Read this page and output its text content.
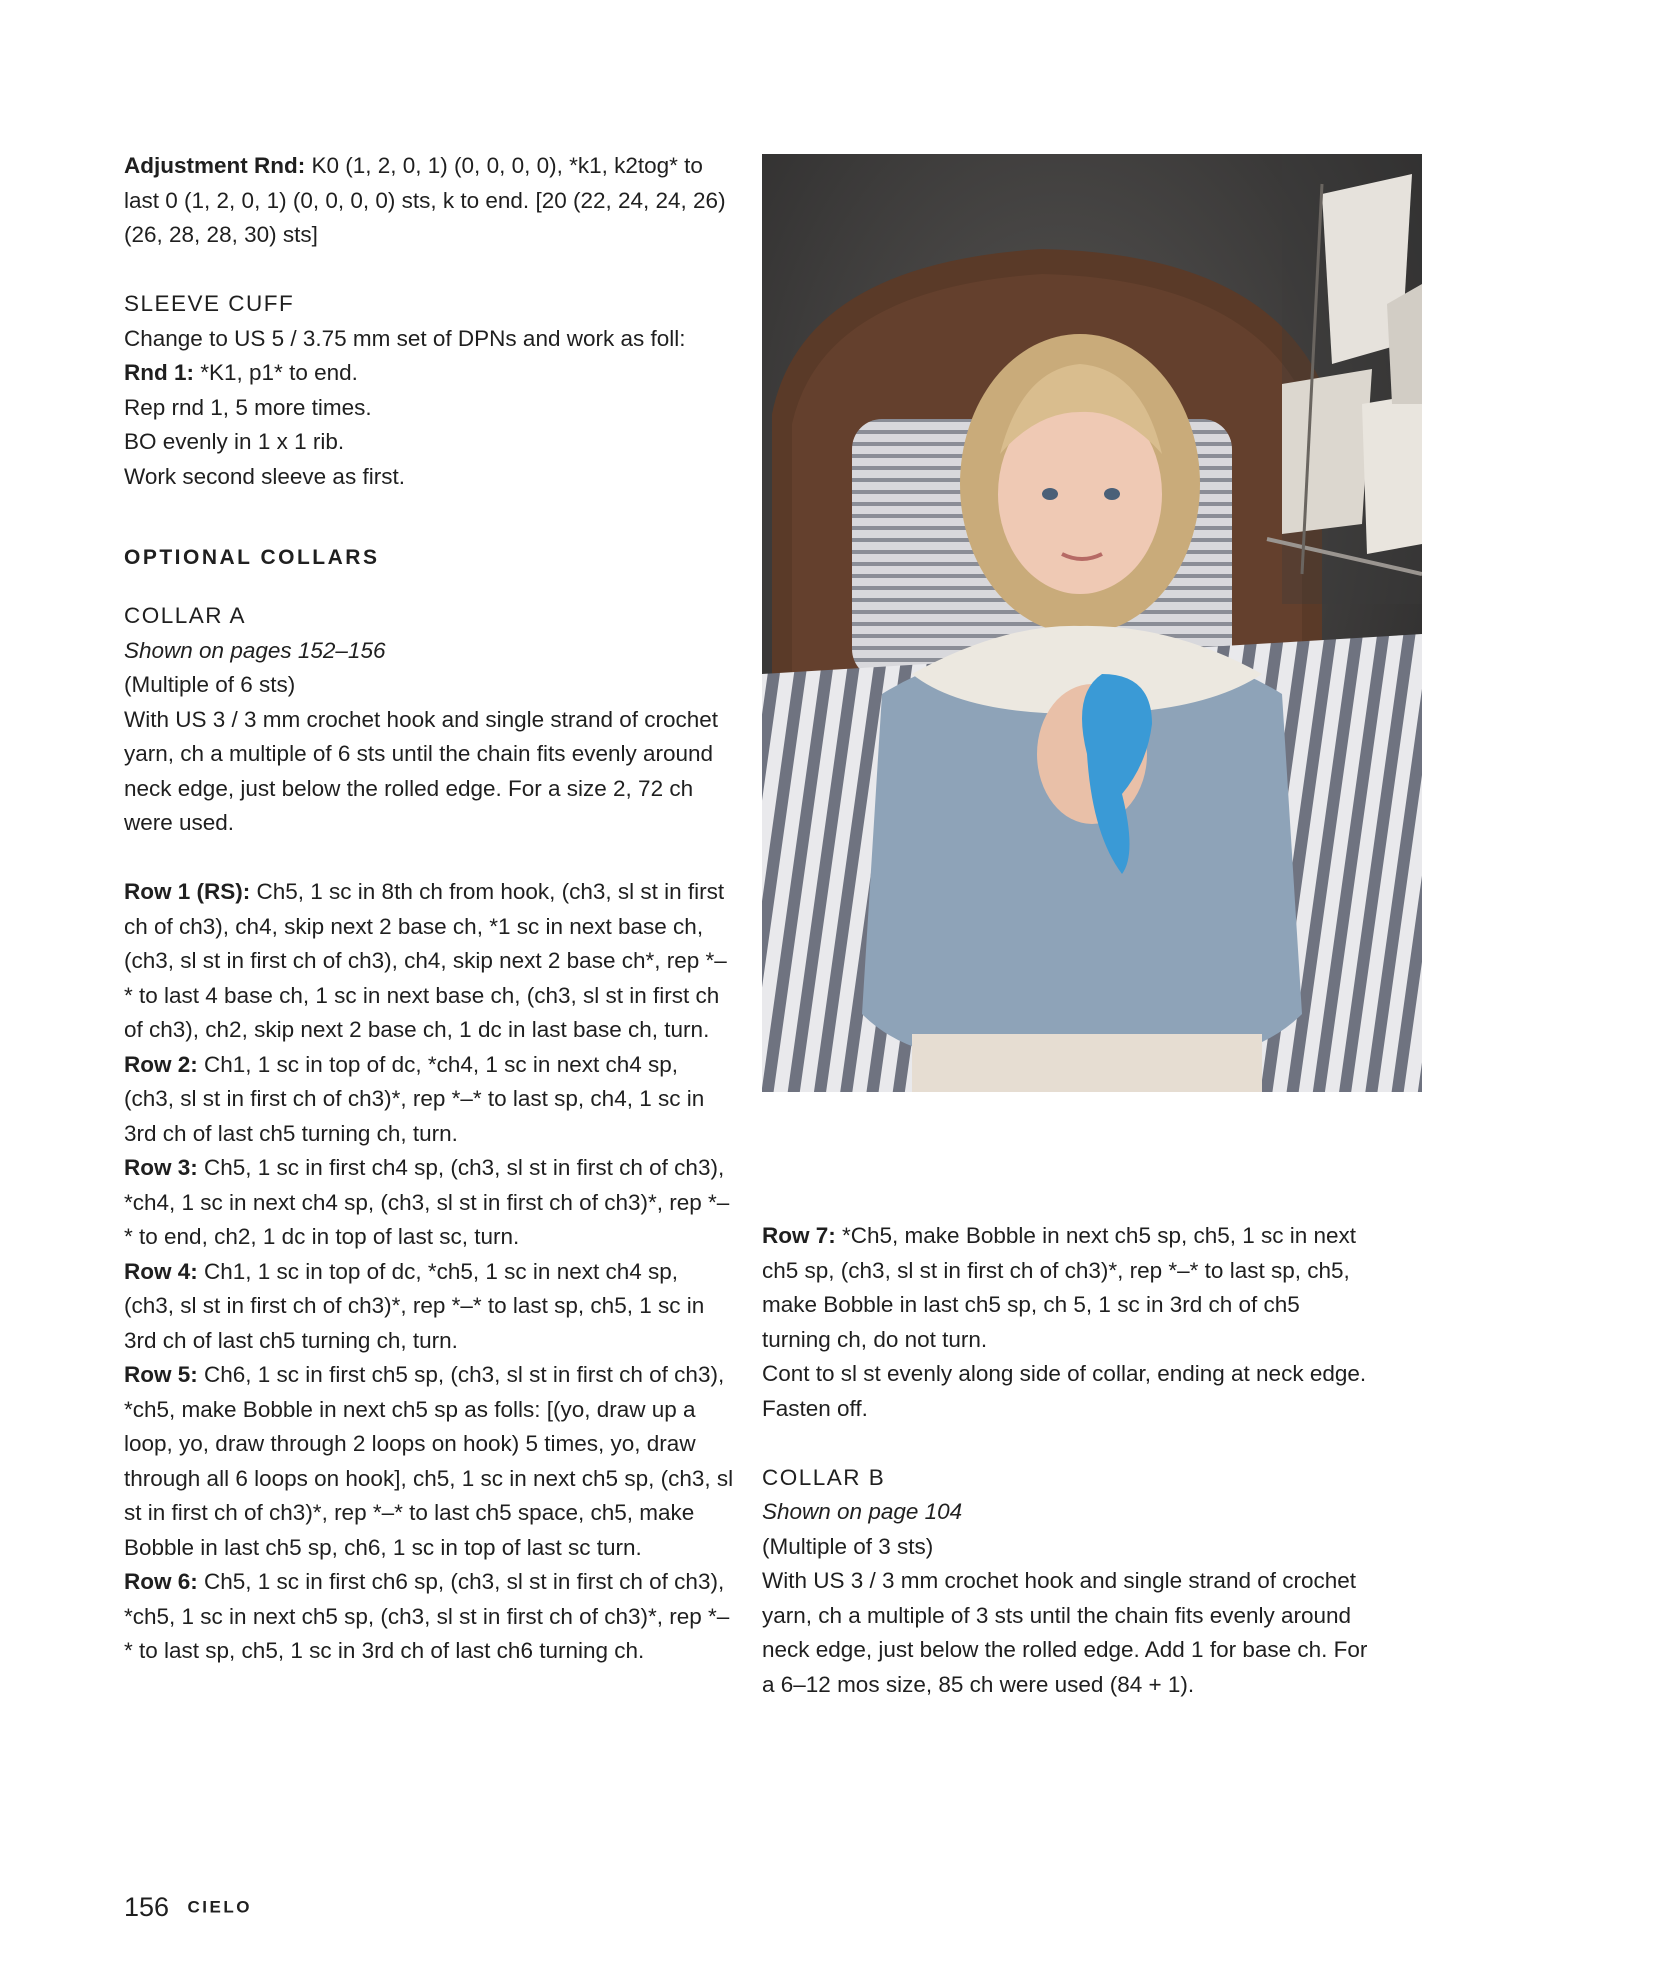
Adjustment Rnd: K0 (1, 2, 0, 1) (0, 0, 0, 0), *k1, k2tog* to last 0 (1, 2, 0, 1) (0, 0, 0, 0) sts, k to end. [20 (22, 24, 24, 26) (26, 28, 28, 30) sts]

SLEEVE CUFF

Change to US 5 / 3.75 mm set of DPNs and work as foll:

Rnd 1: *K1, p1* to end.

Rep rnd 1, 5 more times.

BO evenly in 1 x 1 rib.

Work second sleeve as first.

OPTIONAL COLLARS

COLLAR A

Shown on pages 152–156

(Multiple of 6 sts)

With US 3 / 3 mm crochet hook and single strand of crochet yarn, ch a multiple of 6 sts until the chain fits evenly around neck edge, just below the rolled edge. For a size 2, 72 ch were used.

Row 1 (RS): Ch5, 1 sc in 8th ch from hook, (ch3, sl st in first ch of ch3), ch4, skip next 2 base ch, *1 sc in next base ch, (ch3, sl st in first ch of ch3), ch4, skip next 2 base ch*, rep *–* to last 4 base ch, 1 sc in next base ch, (ch3, sl st in first ch of ch3), ch2, skip next 2 base ch, 1 dc in last base ch, turn.

Row 2: Ch1, 1 sc in top of dc, *ch4, 1 sc in next ch4 sp, (ch3, sl st in first ch of ch3)*, rep *–* to last sp, ch4, 1 sc in 3rd ch of last ch5 turning ch, turn.

Row 3: Ch5, 1 sc in first ch4 sp, (ch3, sl st in first ch of ch3), *ch4, 1 sc in next ch4 sp, (ch3, sl st in first ch of ch3)*, rep *–* to end, ch2, 1 dc in top of last sc, turn.

Row 4: Ch1, 1 sc in top of dc, *ch5, 1 sc in next ch4 sp, (ch3, sl st in first ch of ch3)*, rep *–* to last sp, ch5, 1 sc in 3rd ch of last ch5 turning ch, turn.

Row 5: Ch6, 1 sc in first ch5 sp, (ch3, sl st in first ch of ch3), *ch5, make Bobble in next ch5 sp as folls: [(yo, draw up a loop, yo, draw through 2 loops on hook) 5 times, yo, draw through all 6 loops on hook], ch5, 1 sc in next ch5 sp, (ch3, sl st in first ch of ch3)*, rep *–* to last ch5 space, ch5, make Bobble in last ch5 sp, ch6, 1 sc in top of last sc turn.

Row 6: Ch5, 1 sc in first ch6 sp, (ch3, sl st in first ch of ch3), *ch5, 1 sc in next ch5 sp, (ch3, sl st in first ch of ch3)*, rep *–* to last sp, ch5, 1 sc in 3rd ch of last ch6 turning ch.

Row 7: *Ch5, make Bobble in next ch5 sp, ch5, 1 sc in next ch5 sp, (ch3, sl st in first ch of ch3)*, rep *–* to last sp, ch5, make Bobble in last ch5 sp, ch 5, 1 sc in 3rd ch of ch5 turning ch, do not turn.

Cont to sl st evenly along side of collar, ending at neck edge. Fasten off.

COLLAR B

Shown on page 104

(Multiple of 3 sts)

With US 3 / 3 mm crochet hook and single strand of crochet yarn, ch a multiple of 3 sts until the chain fits evenly around neck edge, just below the rolled edge. Add 1 for base ch. For a 6–12 mos size, 85 ch were used (84 + 1).

156 CIELO
